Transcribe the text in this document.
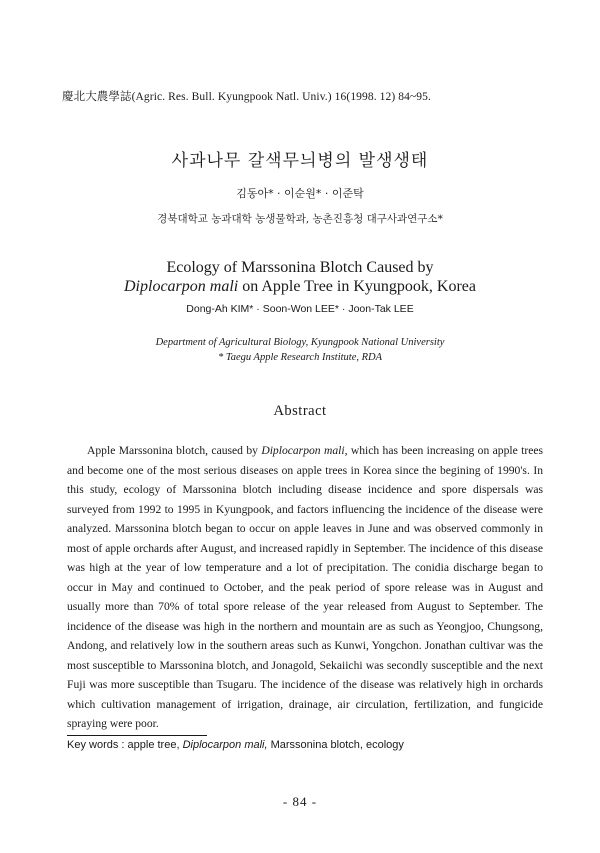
慶北大農學誌(Agric. Res. Bull. Kyungpook Natl. Univ.) 16(1998. 12) 84~95.
사과나무 갈색무늬병의 발생생태
김동아* · 이순원* · 이준탁
경북대학교 농과대학 농생물학과, 농촌진흥청 대구사과연구소*
Ecology of Marssonina Blotch Caused by
Diplocarpon mali on Apple Tree in Kyungpook, Korea
Dong-Ah KIM* · Soon-Won LEE* · Joon-Tak LEE
Department of Agricultural Biology, Kyungpook National University
* Taegu Apple Research Institute, RDA
Abstract
Apple Marssonina blotch, caused by Diplocarpon mali, which has been increasing on apple trees and become one of the most serious diseases on apple trees in Korea since the begining of 1990's. In this study, ecology of Marssonina blotch including disease incidence and spore dispersals was surveyed from 1992 to 1995 in Kyungpook, and factors influencing the incidence of the disease were analyzed. Marssonina blotch began to occur on apple leaves in June and was observed commonly in most of apple orchards after August, and increased rapidly in September. The incidence of this disease was high at the year of low temperature and a lot of precipitation. The conidia discharge began to occur in May and continued to October, and the peak period of spore release was in August and usually more than 70% of total spore release of the year released from August to September. The incidence of the disease was high in the northern and mountain are as such as Yeongjoo, Chungsong, Andong, and relatively low in the southern areas such as Kunwi, Yongchon. Jonathan cultivar was the most susceptible to Marssonina blotch, and Jonagold, Sekaiichi was secondly susceptible and the next Fuji was more susceptible than Tsugaru. The incidence of the disease was relatively high in orchards which cultivation management of irrigation, drainage, air circulation, fertilization, and fungicide spraying were poor.
Key words : apple tree, Diplocarpon mali, Marssonina blotch, ecology
- 84 -
